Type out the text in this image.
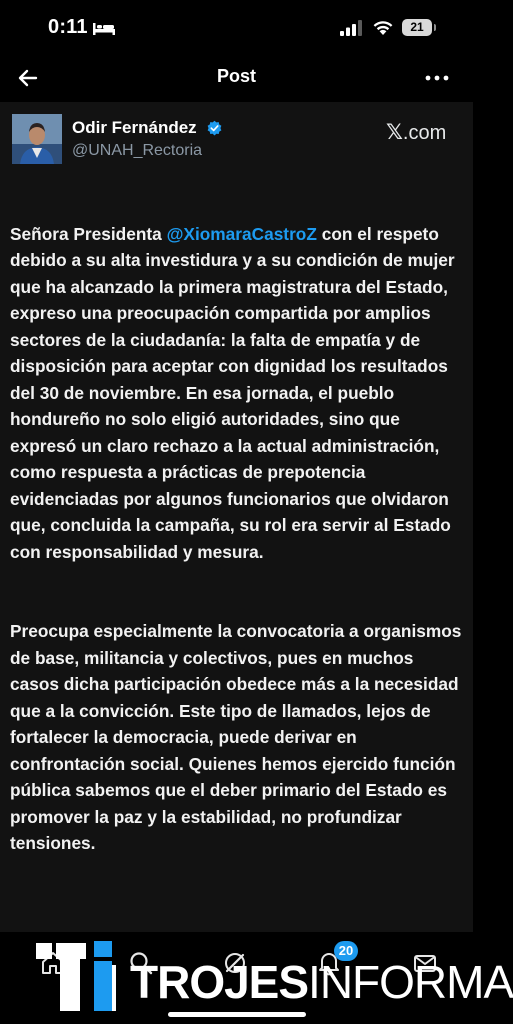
0:11	21
Post
Odir Fernández
@UNAH_Rectoria
𝕏.com

Señora Presidenta @XiomaraCastroZ con el respeto debido a su alta investidura y a su condición de mujer que ha alcanzado la primera magistratura del Estado, expreso una preocupación compartida por amplios sectores de la ciudadanía: la falta de empatía y de disposición para aceptar con dignidad los resultados del 30 de noviembre. En esa jornada, el pueblo hondureño no solo eligió autoridades, sino que expresó un claro rechazo a la actual administración, como respuesta a prácticas de prepotencia evidenciadas por algunos funcionarios que olvidaron que, concluida la campaña, su rol era servir al Estado con responsabilidad y mesura.

Preocupa especialmente la convocatoria a organismos de base, militancia y colectivos, pues en muchos casos dicha participación obedece más a la necesidad que a la convicción. Este tipo de llamados, lejos de fortalecer la democracia, puede derivar en confrontación social. Quienes hemos ejercido función pública sabemos que el deber primario del Estado es promover la paz y la estabilidad, no profundizar tensiones.

20
TROJESINFORMA
